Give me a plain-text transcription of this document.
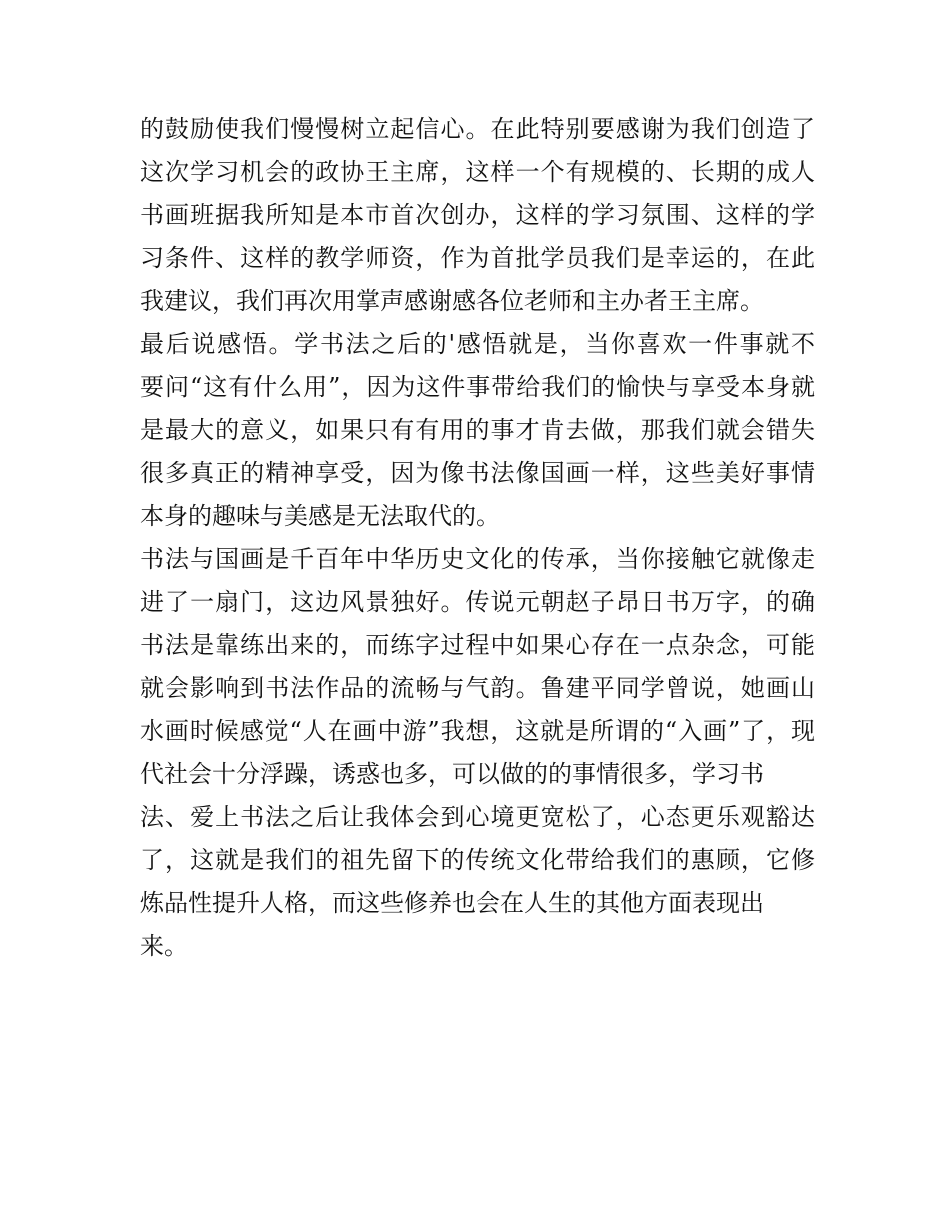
的鼓励使我们慢慢树立起信心。在此特别要感谢为我们创造了
这次学习机会的政协王主席，这样一个有规模的、长期的成人
书画班据我所知是本市首次创办，这样的学习氛围、这样的学
习条件、这样的教学师资，作为首批学员我们是幸运的，在此
我建议，我们再次用掌声感谢感各位老师和主办者王主席。
最后说感悟。学书法之后的'感悟就是，当你喜欢一件事就不
要问“这有什么用”，因为这件事带给我们的愉快与享受本身就
是最大的意义，如果只有有用的事才肯去做，那我们就会错失
很多真正的精神享受，因为像书法像国画一样，这些美好事情
本身的趣味与美感是无法取代的。
书法与国画是千百年中华历史文化的传承，当你接触它就像走
进了一扇门，这边风景独好。传说元朝赵子昂日书万字，的确
书法是靠练出来的，而练字过程中如果心存在一点杂念，可能
就会影响到书法作品的流畅与气韵。鲁建平同学曾说，她画山
水画时候感觉“人在画中游”我想，这就是所谓的“入画”了，现
代社会十分浮躁，诱惑也多，可以做的的事情很多，学习书
法、爱上书法之后让我体会到心境更宽松了，心态更乐观豁达
了，这就是我们的祖先留下的传统文化带给我们的惠顾，它修
炼品性提升人格，而这些修养也会在人生的其他方面表现出
来。
